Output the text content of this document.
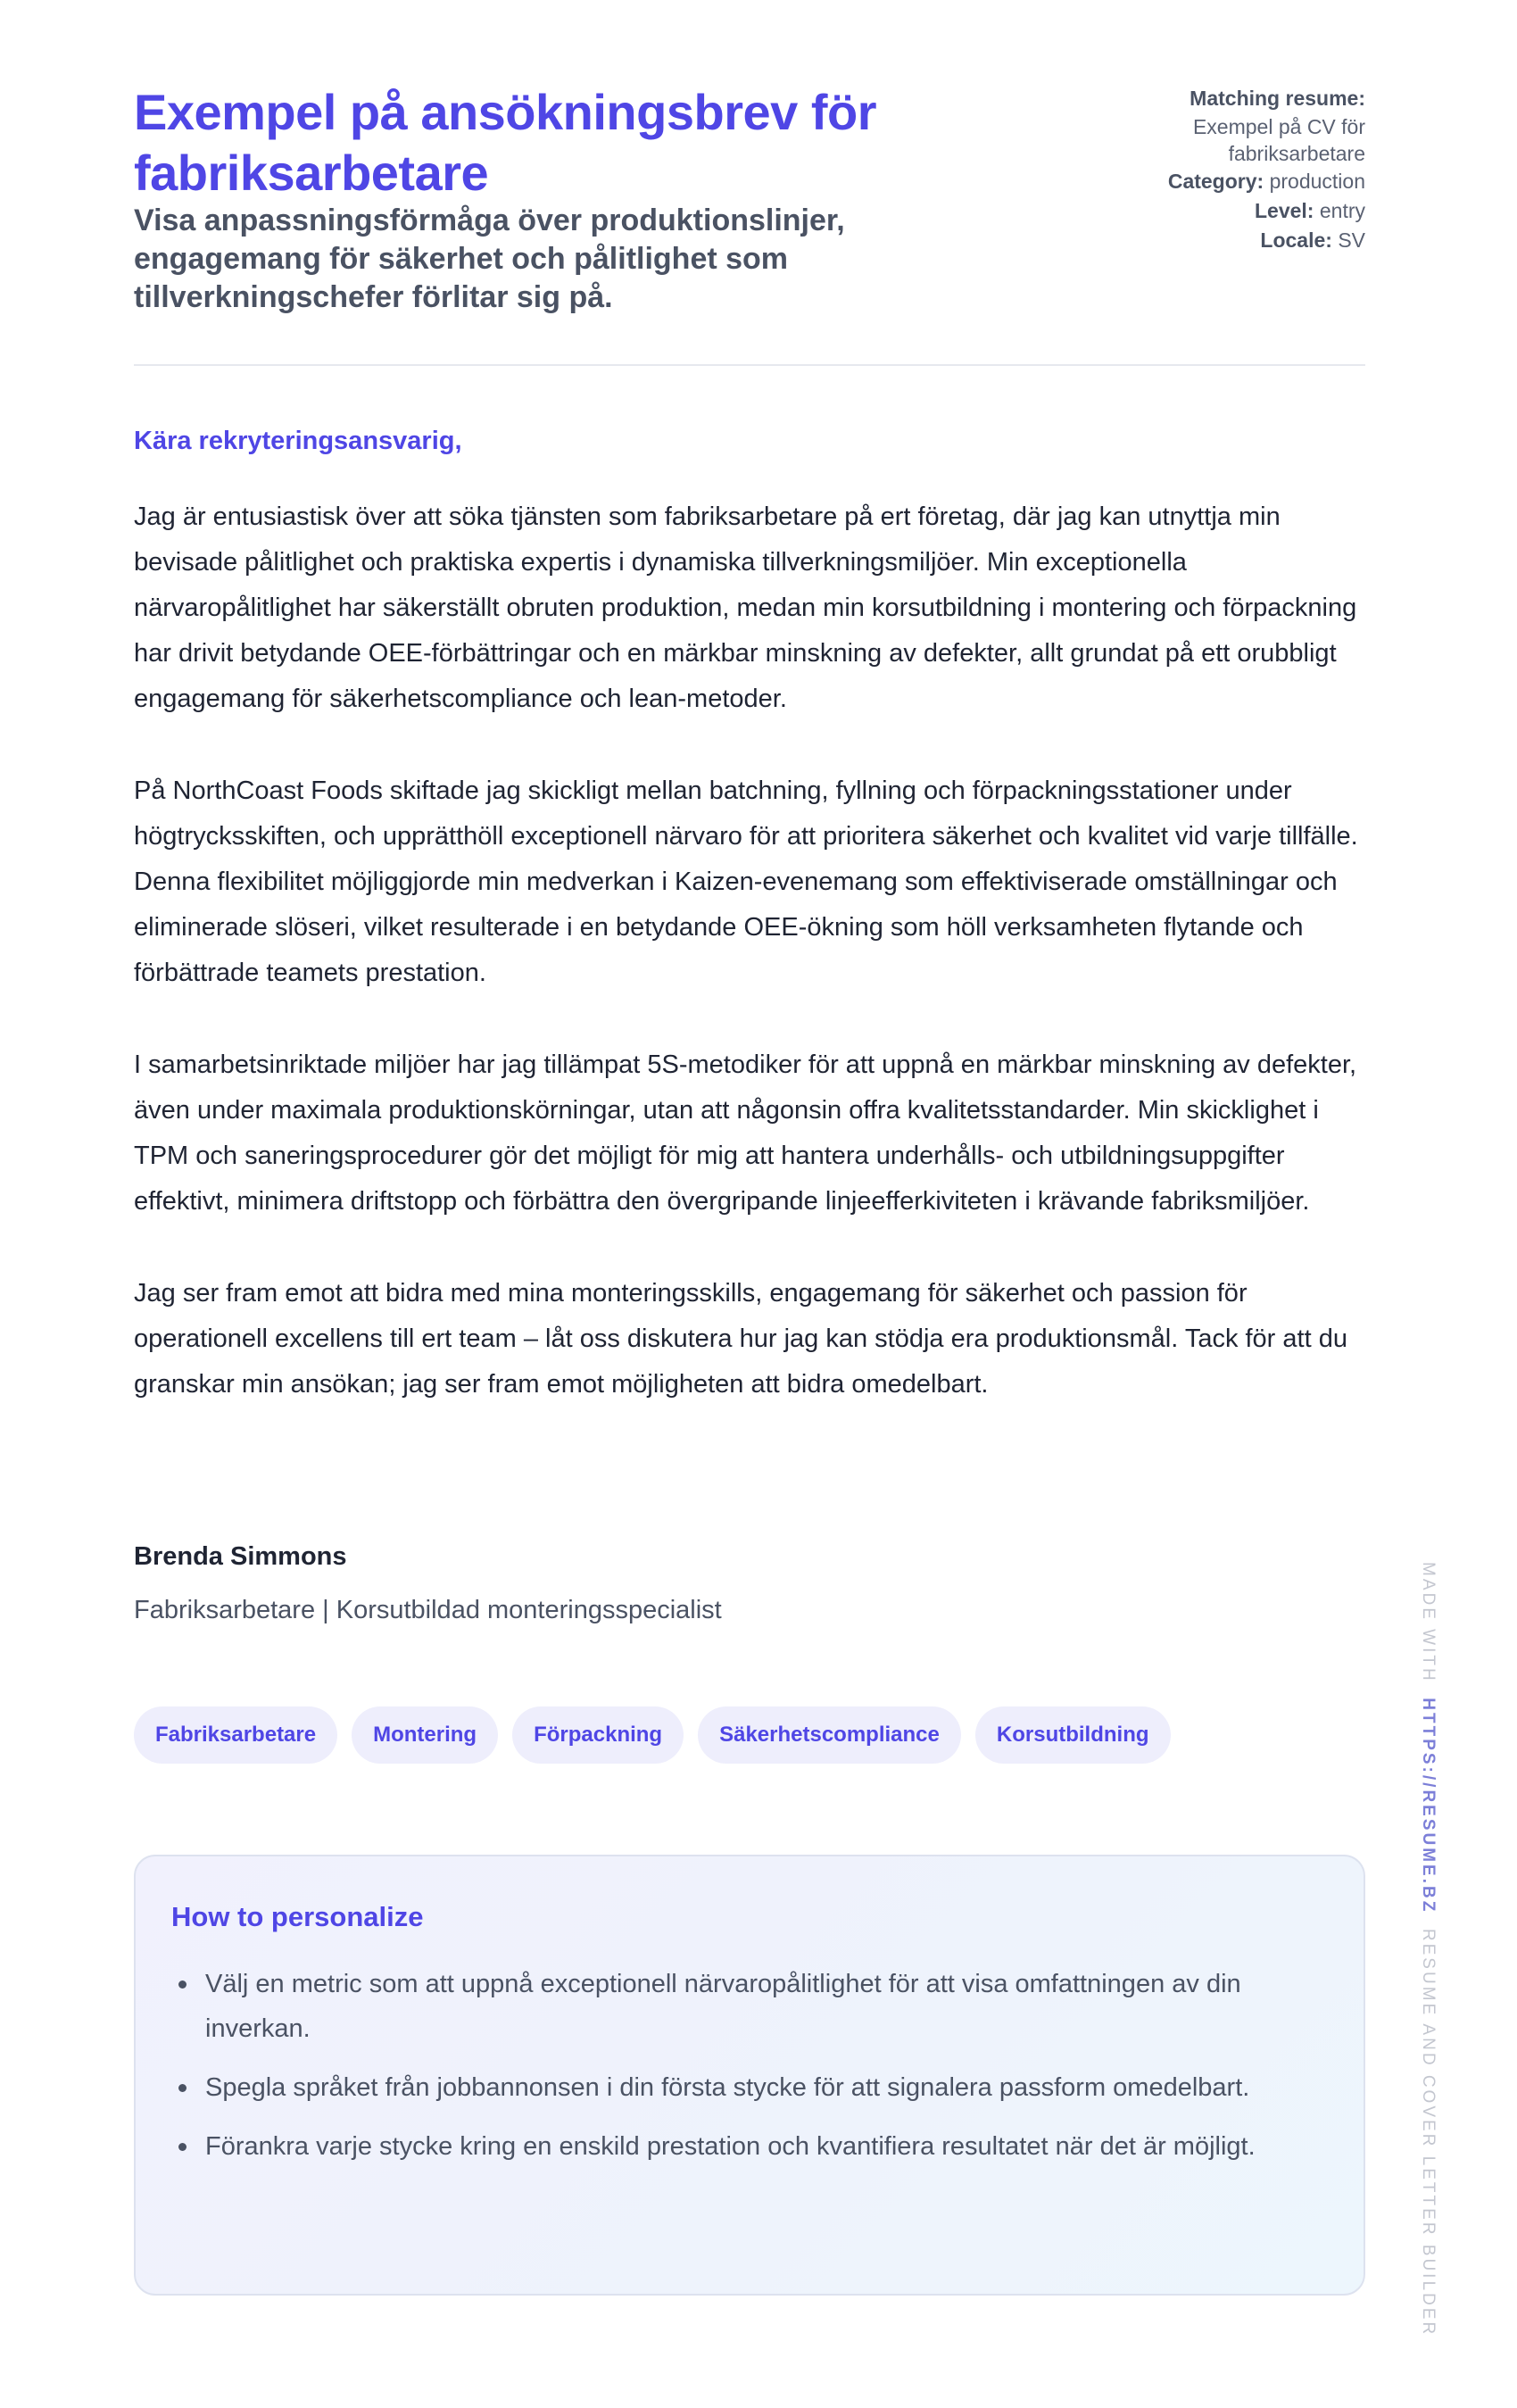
Exempel på ansökningsbrev för fabriksarbetare
Visa anpassningsförmåga över produktionslinjer, engagemang för säkerhet och pålitlighet som tillverkningschefer förlitar sig på.
Matching resume:
Exempel på CV för fabriksarbetare
Category: production
Level: entry
Locale: SV
Kära rekryteringsansvarig,

Jag är entusiastisk över att söka tjänsten som fabriksarbetare på ert företag, där jag kan utnyttja min bevisade pålitlighet och praktiska expertis i dynamiska tillverkningsmiljöer. Min exceptionella närvaropålitlighet har säkerställt obruten produktion, medan min korsutbildning i montering och förpackning har drivit betydande OEE-förbättringar och en märkbar minskning av defekter, allt grundat på ett orubbligt engagemang för säkerhetscompliance och lean-metoder.

På NorthCoast Foods skiftade jag skickligt mellan batchning, fyllning och förpackningsstationer under högtrycksskiften, och upprätthöll exceptionell närvaro för att prioritera säkerhet och kvalitet vid varje tillfälle. Denna flexibilitet möjliggjorde min medverkan i Kaizen-evenemang som effektiviserade omställningar och eliminerade slöseri, vilket resulterade i en betydande OEE-ökning som höll verksamheten flytande och förbättrade teamets prestation.

I samarbetsinriktade miljöer har jag tillämpat 5S-metodiker för att uppnå en märkbar minskning av defekter, även under maximala produktionskörningar, utan att någonsin offra kvalitetsstandarder. Min skicklighet i TPM och saneringsprocedurer gör det möjligt för mig att hantera underhålls- och utbildningsuppgifter effektivt, minimera driftstopp och förbättra den övergripande linjeefferkiviteten i krävande fabriksmiljöer.

Jag ser fram emot att bidra med mina monteringsskills, engagemang för säkerhet och passion för operationell excellens till ert team – låt oss diskutera hur jag kan stödja era produktionsmål. Tack för att du granskar min ansökan; jag ser fram emot möjligheten att bidra omedelbart.

Brenda Simmons
Fabriksarbetare | Korsutbildad monteringsspecialist
Fabriksarbetare	Montering	Förpackning	Säkerhetscompliance	Korsutbildning
How to personalize
Välj en metric som att uppnå exceptionell närvaropålitlighet för att visa omfattningen av din inverkan.
Spegla språket från jobbannonsen i din första stycke för att signalera passform omedelbart.
Förankra varje stycke kring en enskild prestation och kvantifiera resultatet när det är möjligt.
MADE WITH  HTTPS://RESUME.BZ  RESUME AND COVER LETTER BUILDER
